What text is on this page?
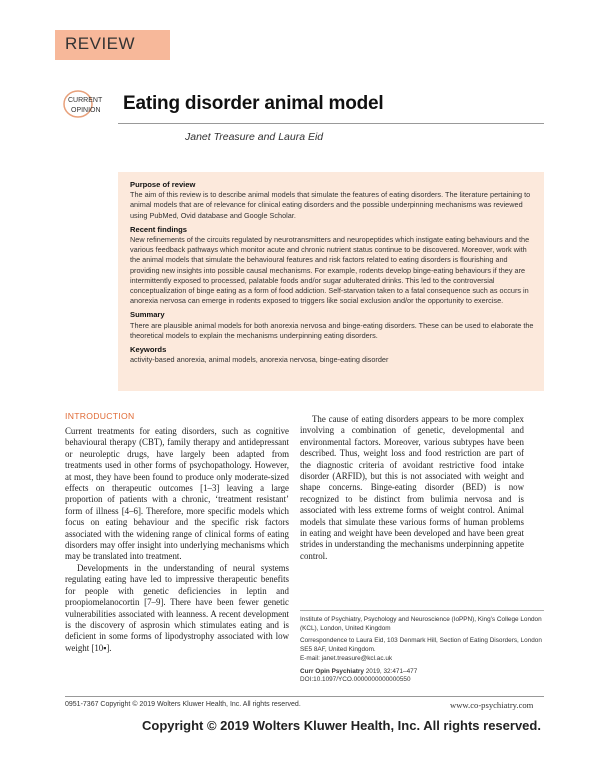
REVIEW
CURRENT
OPINION Eating disorder animal model
Janet Treasure and Laura Eid
Purpose of review

The aim of this review is to describe animal models that simulate the features of eating disorders. The literature pertaining to animal models that are of relevance for clinical eating disorders and the possible underpinning mechanisms was reviewed using PubMed, Ovid database and Google Scholar.

Recent findings

New refinements of the circuits regulated by neurotransmitters and neuropeptides which instigate eating behaviours and the various feedback pathways which monitor acute and chronic nutrient status continue to be discovered. Moreover, work with the animal models that simulate the behavioural features and risk factors related to eating disorders is flourishing and providing new insights into possible causal mechanisms. For example, rodents develop binge-eating behaviours if they are intermittently exposed to processed, palatable foods and/or sugar adulterated drinks. This led to the controversial conceptualization of binge eating as a form of food addiction. Self-starvation taken to a fatal consequence such as occurs in anorexia nervosa can emerge in rodents exposed to triggers like social exclusion and/or the opportunity to exercise.

Summary

There are plausible animal models for both anorexia nervosa and binge-eating disorders. These can be used to elaborate the theoretical models to explain the mechanisms underpinning eating disorders.

Keywords

activity-based anorexia, animal models, anorexia nervosa, binge-eating disorder

INTRODUCTION

Current treatments for eating disorders, such as cognitive behavioural therapy (CBT), family therapy and antidepressant or neuroleptic drugs, have largely been adapted from treatments used in other forms of psychopathology. However, at most, they have been found to produce only moderate-sized effects on therapeutic outcomes [1–3] leaving a large proportion of patients with a chronic, ‘treatment resistant’ form of illness [4–6]. Therefore, more specific models which focus on eating behaviour and the specific risk factors associated with the widening range of clinical forms of eating disorders may offer insight into underlying mechanisms which may be translated into treatment.

Developments in the understanding of neural systems regulating eating have led to impressive therapeutic benefits for people with genetic deficiencies in leptin and proopiomelanocortin [7–9]. There have been fewer genetic vulnerabilities associated with leanness. A recent development is the discovery of asprosin which stimulates eating and is deficient in some forms of lipodystrophy associated with low weight [10▪].

The cause of eating disorders appears to be more complex involving a combination of genetic, developmental and environmental factors. Moreover, various subtypes have been described. Thus, weight loss and food restriction are part of the diagnostic criteria of avoidant restrictive food intake disorder (ARFID), but this is not associated with weight and shape concerns. Binge-eating disorder (BED) is now recognized to be distinct from bulimia nervosa and is associated with less extreme forms of weight control. Animal models that simulate these various forms of human problems in eating and weight have been developed and have been great strides in understanding the mechanisms underpinning appetite control.

Institute of Psychiatry, Psychology and Neuroscience (IoPPN), King’s College London (KCL), London, United Kingdom

Correspondence to Laura Eid, 103 Denmark Hill, Section of Eating Disorders, London SE5 8AF, United Kingdom.
E-mail: janet.treasure@kcl.ac.uk

Curr Opin Psychiatry 2019, 32:471–477
DOI:10.1097/YCO.0000000000000550

0951-7367 Copyright © 2019 Wolters Kluwer Health, Inc. All rights reserved.	www.co-psychiatry.com
Copyright © 2019 Wolters Kluwer Health, Inc. All rights reserved.
